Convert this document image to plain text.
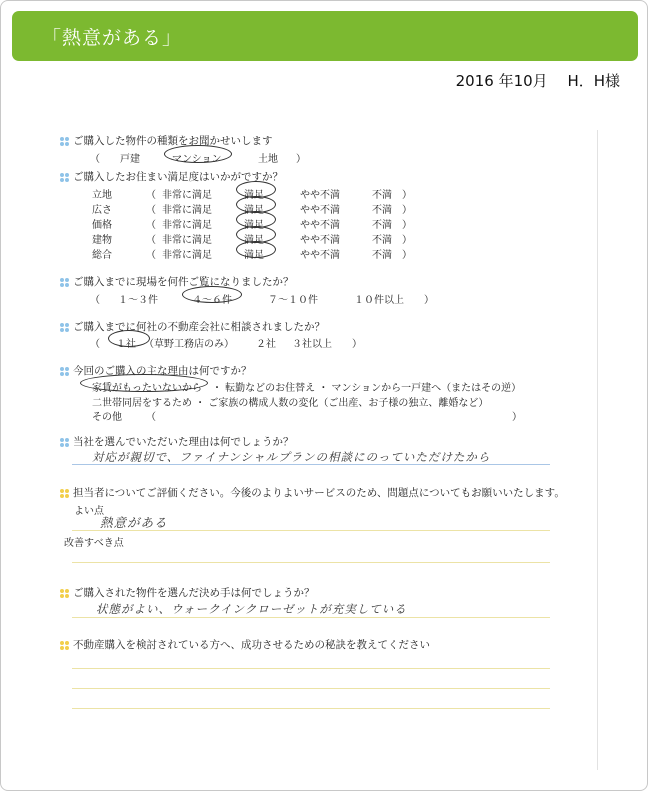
「熱意がある」
2016 年10月　 H．H様
ご購入した物件の種類をお聞かせいします
（ 戸建	マンション	土地 ）
ご購入したお住まい満足度はいかがですか？
立地	（ 非常に満足	満足	やや不満	不満 ）
広さ	（ 非常に満足	満足	やや不満	不満 ）
価格	（ 非常に満足	満足	やや不満	不満 ）
建物	（ 非常に満足	満足	やや不満	不満 ）
総合	（ 非常に満足	満足	やや不満	不満 ）
ご購入までに現場を何件ご覧になりましたか？
（ １～３件	４～６件	７～１０件	１０件以上 ）
ご購入までに何社の不動産会社に相談されましたか？
（ １社 （草野工務店のみ） ２社 ３社以上 ）
今回のご購入の主な理由は何ですか？
家賃がもったいないから ・ 転勤などのお住替え ・ マンションから一戸建へ（またはその逆）
二世帯同居をするため ・ ご家族の構成人数の変化（ご出産、お子様の独立、離婚など）
その他 （	）
当社を選んでいただいた理由は何でしょうか？
対応が親切で、ファイナンシャルプランの相談にのっていただけたから
担当者についてご評価ください。今後のよりよいサービスのため、問題点についてもお願いいたします。
よい点
熱意がある
改善すべき点
ご購入された物件を選んだ決め手は何でしょうか？
状態がよい、ウォークインクローゼットが充実している
不動産購入を検討されている方へ、成功させるための秘訣を教えてください
